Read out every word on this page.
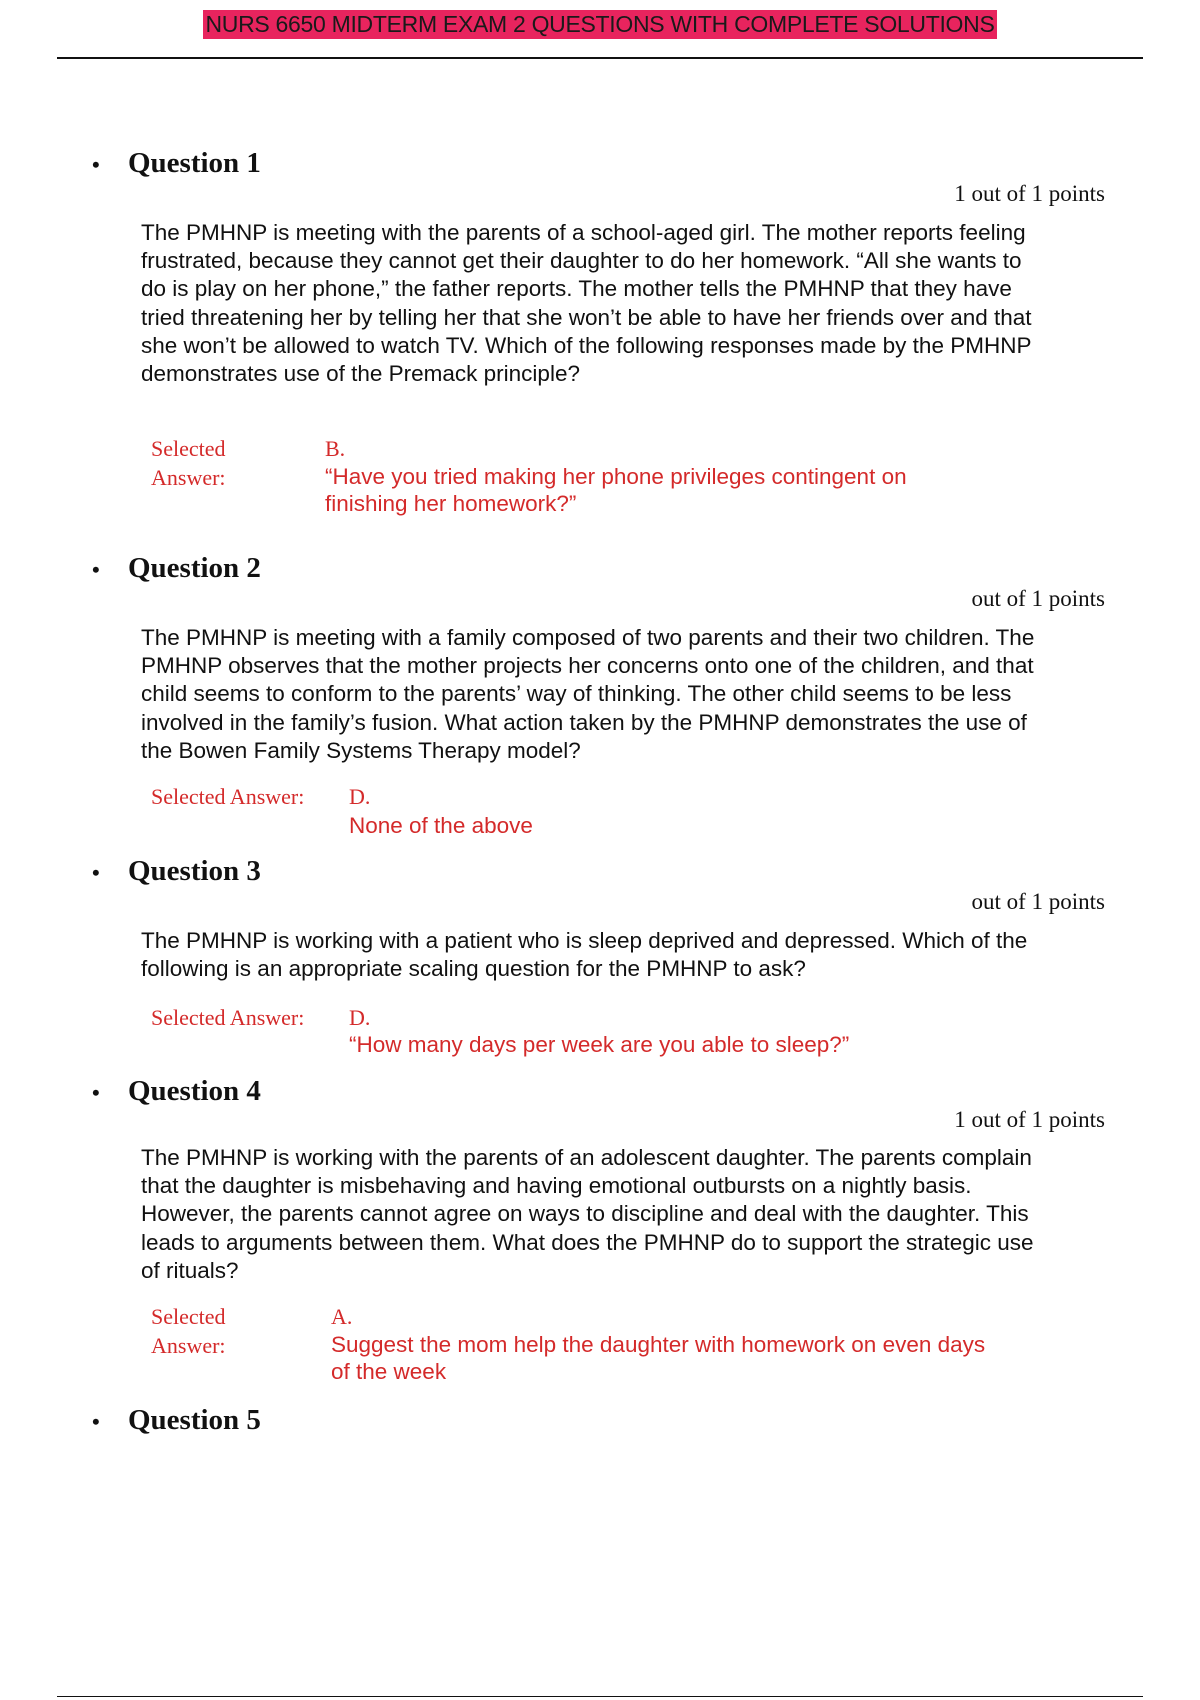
NURS 6650 MIDTERM EXAM 2 QUESTIONS WITH COMPLETE SOLUTIONS
• Question 1
1 out of 1 points
The PMHNP is meeting with the parents of a school-aged girl. The mother reports feeling frustrated, because they cannot get their daughter to do her homework. “All she wants to do is play on her phone,” the father reports. The mother tells the PMHNP that they have tried threatening her by telling her that she won’t be able to have her friends over and that she won’t be allowed to watch TV. Which of the following responses made by the PMHNP demonstrates use of the Premack principle?
Selected
Answer:
B.
“Have you tried making her phone privileges contingent on finishing her homework?”
• Question 2
out of 1 points
The PMHNP is meeting with a family composed of two parents and their two children. The PMHNP observes that the mother projects her concerns onto one of the children, and that child seems to conform to the parents’ way of thinking. The other child seems to be less involved in the family’s fusion. What action taken by the PMHNP demonstrates the use of the Bowen Family Systems Therapy model?
Selected Answer: D.
None of the above
• Question 3
out of 1 points
The PMHNP is working with a patient who is sleep deprived and depressed. Which of the following is an appropriate scaling question for the PMHNP to ask?
Selected Answer: D.
“How many days per week are you able to sleep?”
• Question 4
1 out of 1 points
The PMHNP is working with the parents of an adolescent daughter. The parents complain that the daughter is misbehaving and having emotional outbursts on a nightly basis. However, the parents cannot agree on ways to discipline and deal with the daughter. This leads to arguments between them. What does the PMHNP do to support the strategic use of rituals?
Selected
Answer:
A.
Suggest the mom help the daughter with homework on even days of the week
• Question 5
